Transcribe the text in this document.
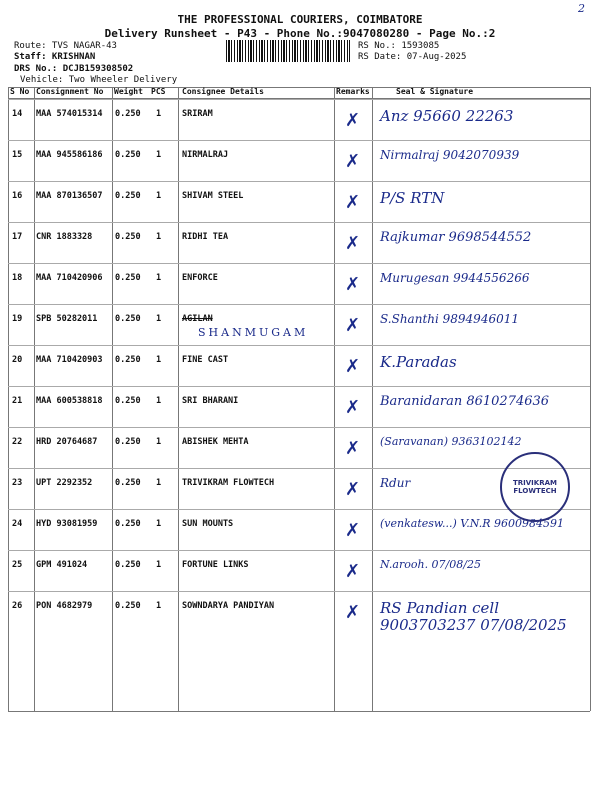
THE PROFESSIONAL COURIERS, COIMBATORE
Delivery Runsheet - P43 - Phone No.:9047080280 - Page No.:2
2
Route: TVS NAGAR-43
Staff: KRISHNAN
DRS No.: DCJB159308502
Vehicle: Two Wheeler Delivery
RS No.: 1593085
RS Date: 07-Aug-2025
S No Consignment No Weight PCS Consignee Details	Remarks	Seal & Signature
14 MAA 574015314 0.250 1 SRIRAM	✗ Anz 95660 22263
15 MAA 945586186 0.250 1 NIRMALRAJ	✗ Nirmalraj 9042070939
16 MAA 870136507 0.250 1 SHIVAM STEEL	✗ P/S RTN
17 CNR 1883328	0.250 1 RIDHI TEA	✗ Rajkumar 9698544552
18 MAA 710420906 0.250 1 ENFORCE	✗ Murugesan 9944556266
19 SPB 50282011 0.250 1 AGILAN	✗ S.Shanthi 9894946011
20 MAA 710420903 0.250 1 FINE CAST	✗ K.Paradas
21 MAA 600538818 0.250 1 SRI BHARANI	✗ Baranidaran 8610274636
22 HRD 20764687 0.250 1 ABISHEK MEHTA	✗ (Saravanan) 9363102142
23 UPT 2292352	0.250 1 TRIVIKRAM FLOWTECH	✗ Rdur
24 HYD 93081959 0.250 1 SUN MOUNTS	✗ (venkatesw...) V.N.R 9600984591
25 GPM 491024	0.250 1 FORTUNE LINKS	✗ N.arooh. 07/08/25
26 PON 4682979	0.250 1 SOWNDARYA PANDIYAN	✗ RS Pandian cell 9003703237 07/08/2025
SHANMUGAM
TRIVIKRAM FLOWTECH
